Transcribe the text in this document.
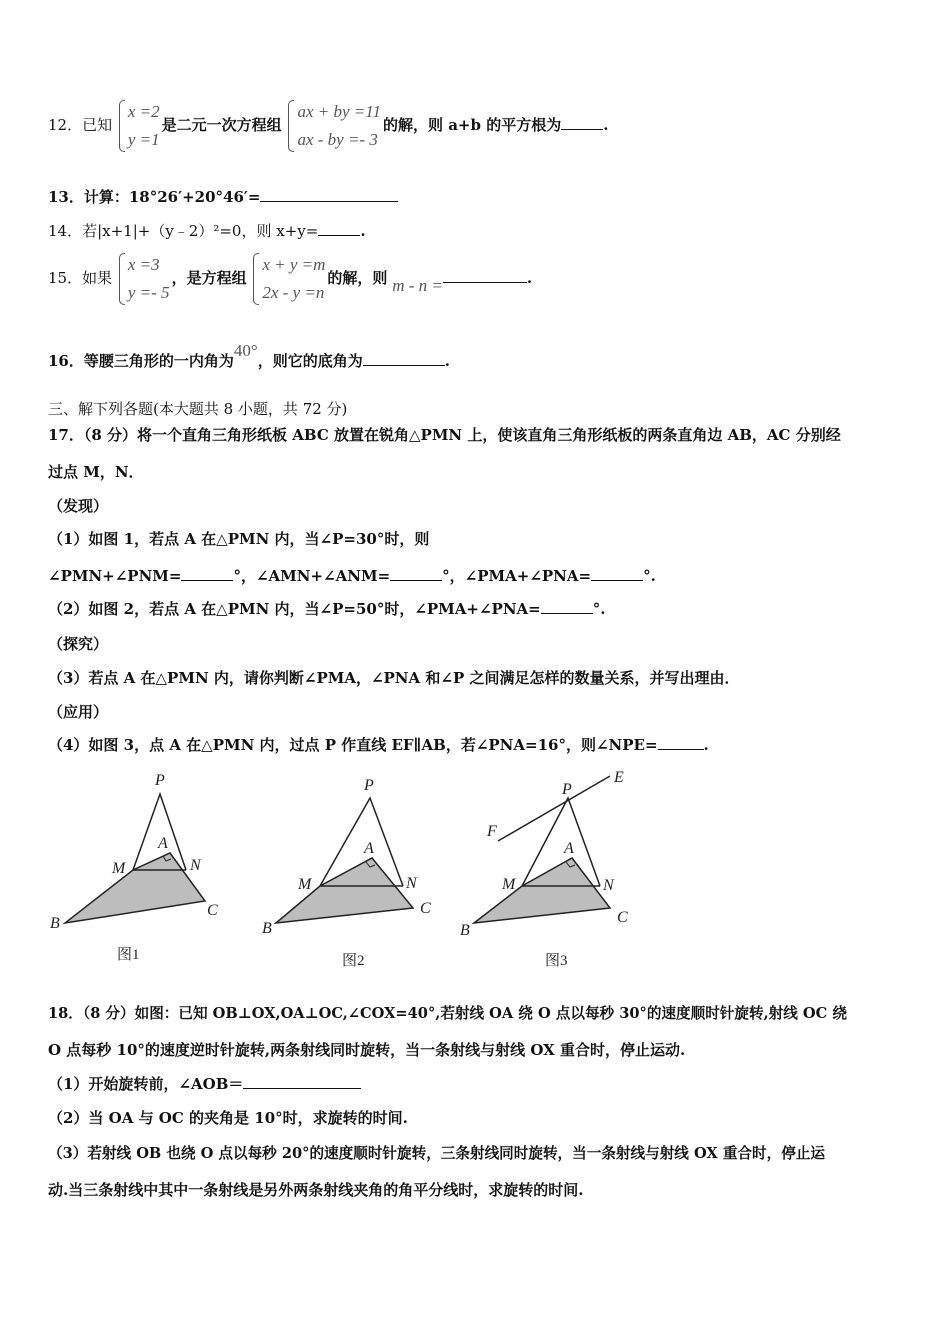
12．已知
x =2
y =1
是二元一次方程组
ax + by =11
ax - by =- 3
的解，则 a+b 的平方根为	.
13．计算：18°26′+20°46′=
14．若|x+1|+（y﹣2）²=0，则 x+y=	.
15．如果
x =3
y =- 5
，是方程组
x + y =m
2x - y =n
的解，则 m - n =	.
16．等腰三角形的一内角为40°，则它的底角为	.
三、解下列各题(本大题共 8 小题，共 72 分)
17．（8 分）将一个直角三角形纸板 ABC 放置在锐角△PMN 上，使该直角三角形纸板的两条直角边 AB，AC 分别经
过点 M，N．
（发现）
（1）如图 1，若点 A 在△PMN 内，当∠P=30°时，则
∠PMN+∠PNM=	°，∠AMN+∠ANM=	°，∠PMA+∠PNA=	°.
（2）如图 2，若点 A 在△PMN 内，当∠P=50°时，∠PMA+∠PNA=	°.
（探究）
（3）若点 A 在△PMN 内，请你判断∠PMA，∠PNA 和∠P 之间满足怎样的数量关系，并写出理由．
（应用）
（4）如图 3，点 A 在△PMN 内，过点 P 作直线 EF∥AB，若∠PNA=16°，则∠NPE=	.
P
A
M	N
B
C
图1
P
A
M	N
B
C
图2
P
E
F
A
M	N
B
C
图3
18．（8 分）如图：已知 OB⊥OX,OA⊥OC,∠COX=40°,若射线 OA 绕 O 点以每秒 30°的速度顺时针旋转,射线 OC 绕
O 点每秒 10°的速度逆时针旋转,两条射线同时旋转，当一条射线与射线 OX 重合时，停止运动.
（1）开始旋转前，∠AOB＝
（2）当 OA 与 OC 的夹角是 10°时，求旋转的时间.
（3）若射线 OB 也绕 O 点以每秒 20°的速度顺时针旋转，三条射线同时旋转，当一条射线与射线 OX 重合时，停止运
动.当三条射线中其中一条射线是另外两条射线夹角的角平分线时，求旋转的时间.
